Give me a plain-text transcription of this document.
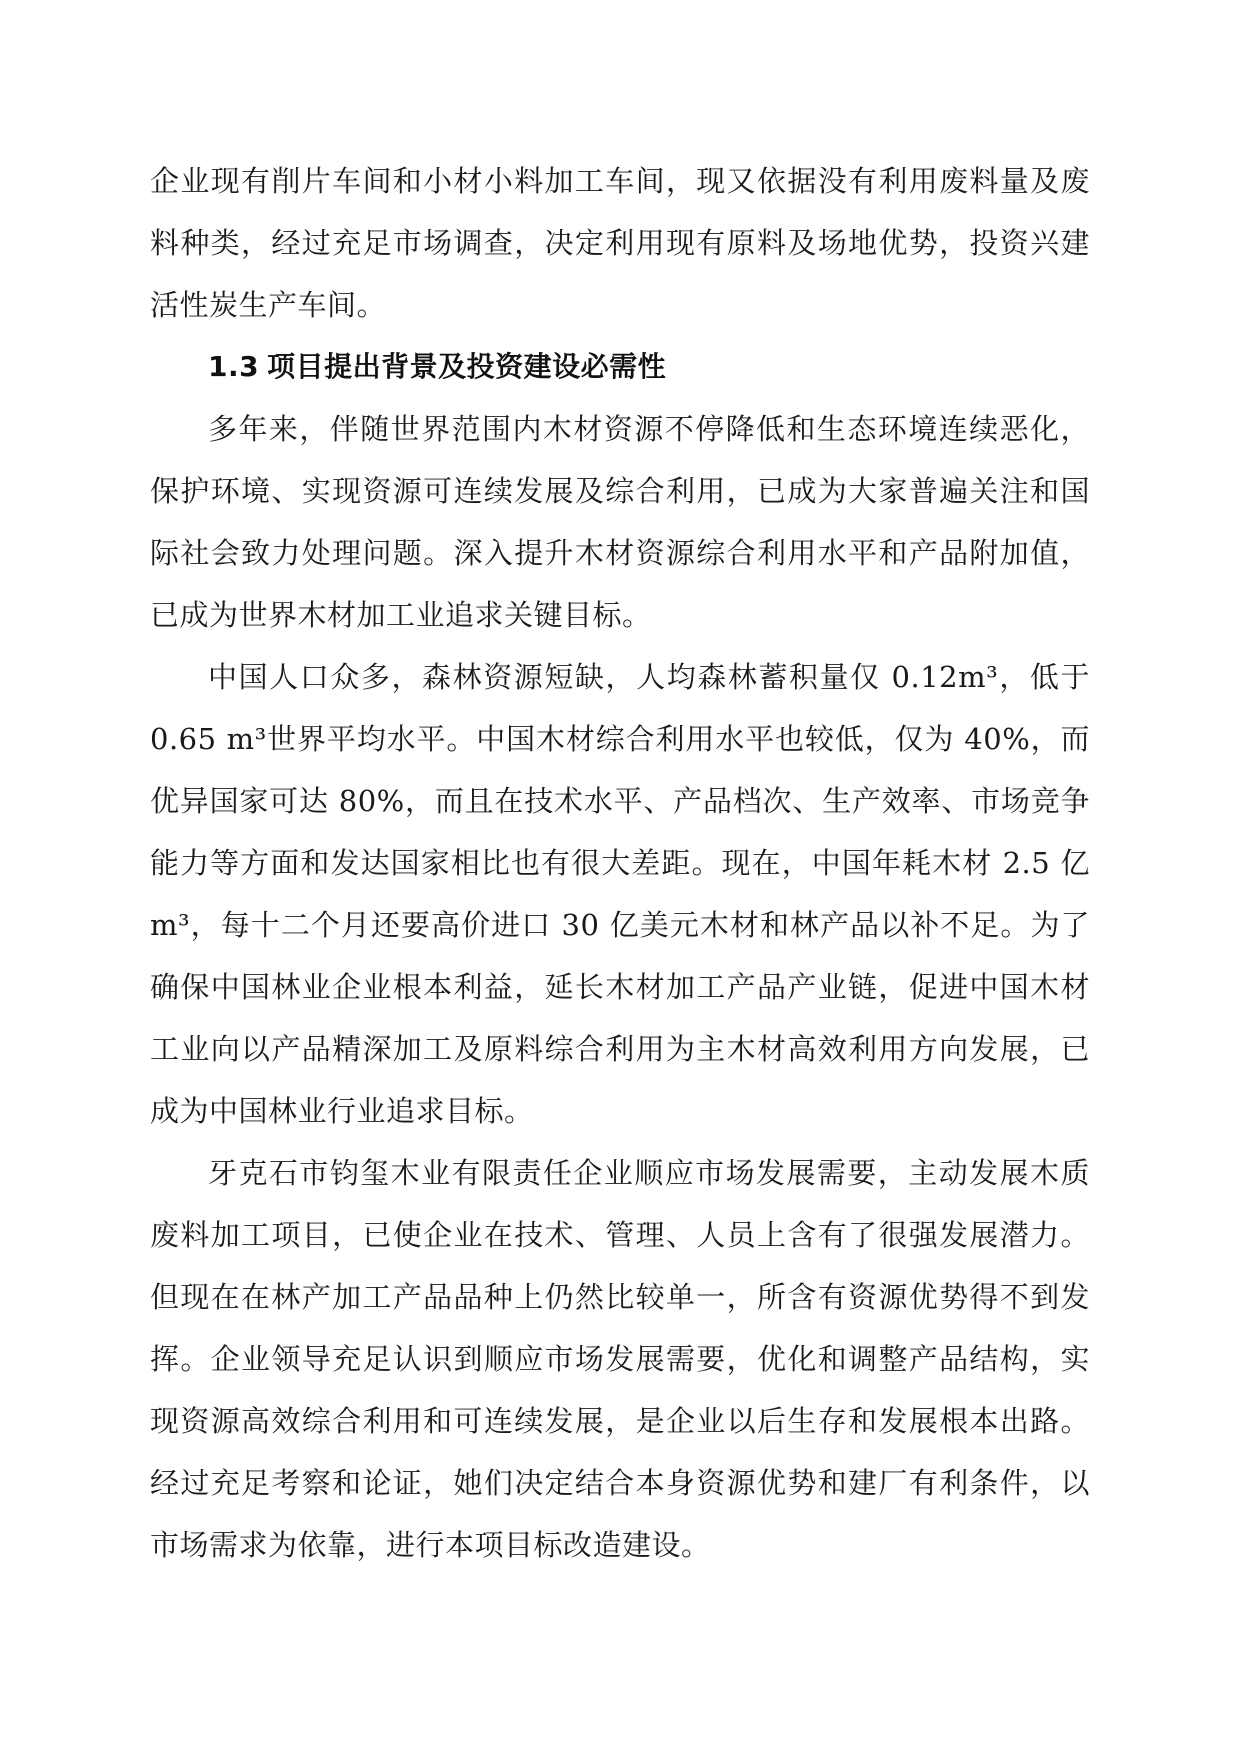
企业现有削片车间和小材小料加工车间，现又依据没有利用废料量及废料种类，经过充足市场调查，决定利用现有原料及场地优势，投资兴建活性炭生产车间。

1.3 项目提出背景及投资建设必需性

多年来，伴随世界范围内木材资源不停降低和生态环境连续恶化，保护环境、实现资源可连续发展及综合利用，已成为大家普遍关注和国际社会致力处理问题。深入提升木材资源综合利用水平和产品附加值，已成为世界木材加工业追求关键目标。

中国人口众多，森林资源短缺，人均森林蓄积量仅 0.12m³，低于 0.65 m³世界平均水平。中国木材综合利用水平也较低，仅为 40%，而优异国家可达 80%，而且在技术水平、产品档次、生产效率、市场竞争能力等方面和发达国家相比也有很大差距。现在，中国年耗木材 2.5 亿 m³，每十二个月还要高价进口 30 亿美元木材和林产品以补不足。为了确保中国林业企业根本利益，延长木材加工产品产业链，促进中国木材工业向以产品精深加工及原料综合利用为主木材高效利用方向发展，已成为中国林业行业追求目标。

牙克石市钧玺木业有限责任企业顺应市场发展需要，主动发展木质废料加工项目，已使企业在技术、管理、人员上含有了很强发展潜力。但现在在林产加工产品品种上仍然比较单一，所含有资源优势得不到发挥。企业领导充足认识到顺应市场发展需要，优化和调整产品结构，实现资源高效综合利用和可连续发展，是企业以后生存和发展根本出路。经过充足考察和论证，她们决定结合本身资源优势和建厂有利条件，以市场需求为依靠，进行本项目标改造建设。
